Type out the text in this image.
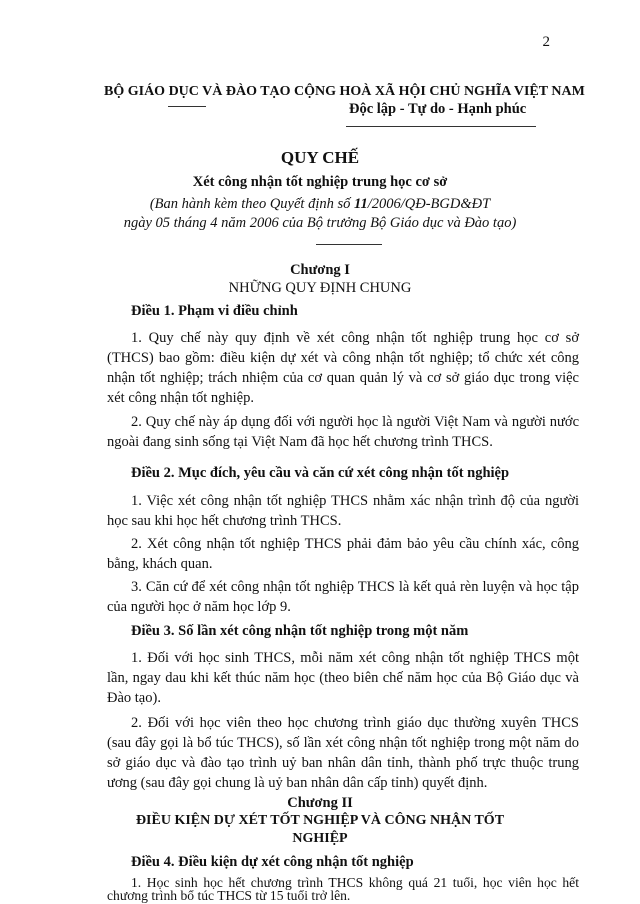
2
BỘ GIÁO DỤC VÀ ĐÀO TẠO CỘNG HOÀ XÃ HỘI CHỦ NGHĨA VIỆT NAM
Độc lập - Tự do - Hạnh phúc
QUY CHẾ
Xét công nhận tốt nghiệp trung học cơ sở
(Ban hành kèm theo Quyết định số 11/2006/QĐ-BGD&ĐT
ngày 05 tháng 4 năm 2006 của Bộ trưởng Bộ Giáo dục và Đào tạo)
Chương I
NHỮNG QUY ĐỊNH CHUNG
Điều 1. Phạm vi điều chỉnh

1. Quy chế này quy định về xét công nhận tốt nghiệp trung học cơ sở (THCS) bao gồm: điều kiện dự xét và công nhận tốt nghiệp; tổ chức xét công nhận tốt nghiệp; trách nhiệm của cơ quan quản lý và cơ sở giáo dục trong việc xét công nhận tốt nghiệp.

2. Quy chế này áp dụng đối với người học là người Việt Nam và người nước ngoài đang sinh sống tại Việt Nam đã học hết chương trình THCS.

Điều 2. Mục đích, yêu cầu và căn cứ xét công nhận tốt nghiệp

1. Việc xét công nhận tốt nghiệp THCS nhằm xác nhận trình độ của người học sau khi học hết chương trình THCS.

2. Xét công nhận tốt nghiệp THCS phải đảm bảo yêu cầu chính xác, công bằng, khách quan.

3. Căn cứ để xét công nhận tốt nghiệp THCS là kết quả rèn luyện và học tập của người học ở năm học lớp 9.

Điều 3. Số lần xét công nhận tốt nghiệp trong một năm

1. Đối với học sinh THCS, mỗi năm xét công nhận tốt nghiệp THCS một lần, ngay dau khi kết thúc năm học (theo biên chế năm học của Bộ Giáo dục và Đào tạo).

2. Đối với học viên theo học chương trình giáo dục thường xuyên THCS (sau đây gọi là bổ túc THCS), số lần xét công nhận tốt nghiệp trong một năm do sở giáo dục và đào tạo trình uỷ ban nhân dân tỉnh, thành phố trực thuộc trung ương (sau đây gọi chung là uỷ ban nhân dân cấp tỉnh) quyết định.

Chương II
ĐIỀU KIỆN DỰ XÉT TỐT NGHIỆP VÀ CÔNG NHẬN TỐT
NGHIỆP
Điều 4. Điều kiện dự xét công nhận tốt nghiệp

1. Học sinh học hết chương trình THCS không quá 21 tuổi, học viên học hết chương trình bổ túc THCS từ 15 tuổi trở lên.
